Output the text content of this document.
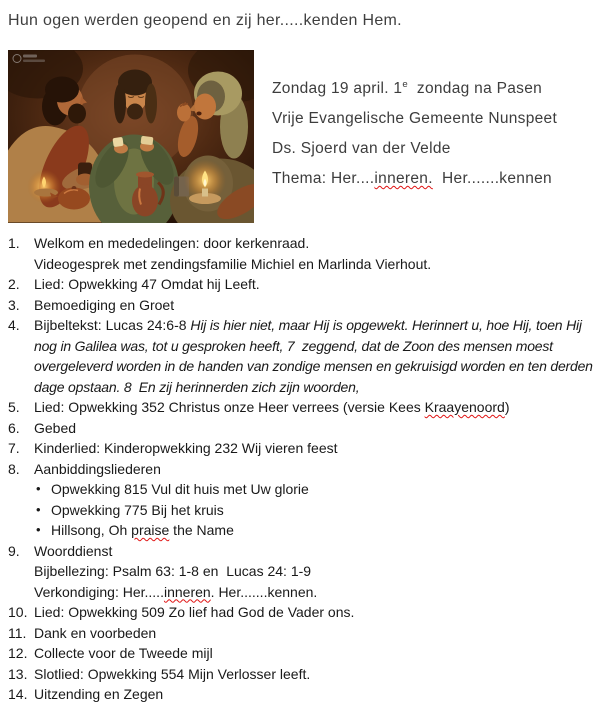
Hun ogen werden geopend en zij her.....kenden Hem.
Zondag 19 april. 1e  zondag na Pasen
Vrije Evangelische Gemeente Nunspeet
Ds. Sjoerd van der Velde
Thema: Her....inneren.  Her.......kennen
1.	Welkom en mededelingen: door kerkenraad.
Videogesprek met zendingsfamilie Michiel en Marlinda Vierhout.
2.	Lied: Opwekking 47 Omdat hij Leeft.
3.	Bemoediging en Groet
4.	Bijbeltekst: Lucas 24:6-8 Hij is hier niet, maar Hij is opgewekt. Herinnert u, hoe Hij, toen Hij nog in Galilea was, tot u gesproken heeft, 7  zeggend, dat de Zoon des mensen moest overgeleverd worden in de handen van zondige mensen en gekruisigd worden en ten derden dage opstaan. 8  En zij herinnerden zich zijn woorden,
5.	Lied: Opwekking 352 Christus onze Heer verrees (versie Kees Kraayenoord)
6.	Gebed
7.	Kinderlied: Kinderopwekking 232 Wij vieren feest
8.	Aanbiddingsliederen
• Opwekking 815 Vul dit huis met Uw glorie
• Opwekking 775 Bij het kruis
• Hillsong, Oh praise the Name
9.	Woorddienst
Bijbellezing: Psalm 63: 1-8 en  Lucas 24: 1-9
Verkondiging: Her.....inneren. Her.......kennen.
10. Lied: Opwekking 509 Zo lief had God de Vader ons.
11. Dank en voorbeden
12. Collecte voor de Tweede mijl
13. Slotlied: Opwekking 554 Mijn Verlosser leeft.
14. Uitzending en Zegen
